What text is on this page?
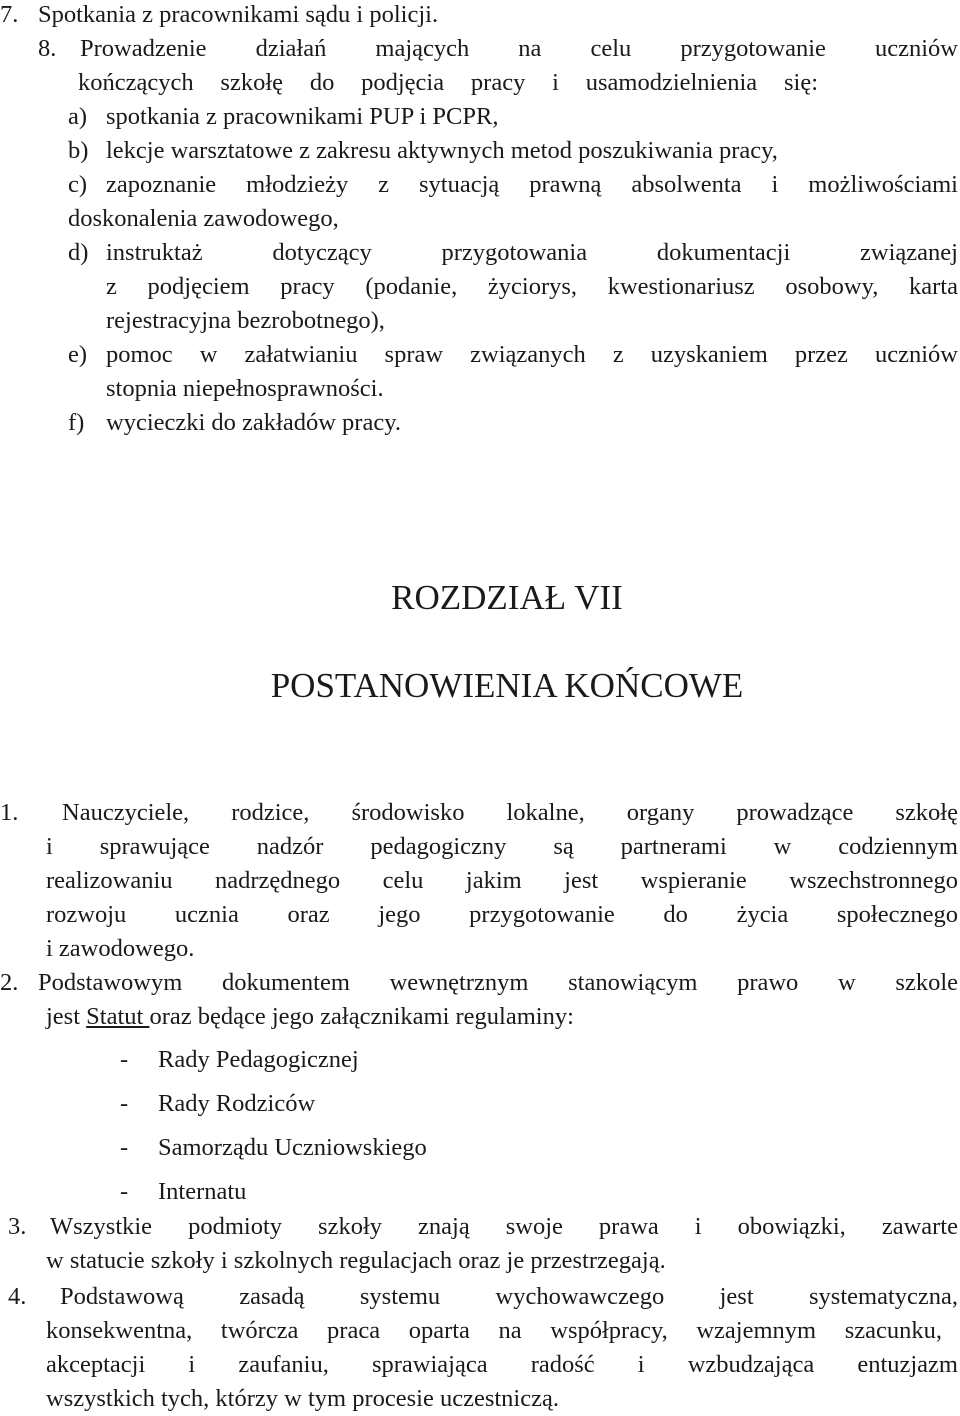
7. Spotkania z pracownikami sądu i policji.
8. Prowadzenie działań mających na celu przygotowanie uczniów
kończących szkołę do podjęcia pracy i usamodzielnienia się:
a) spotkania z pracownikami PUP i PCPR,
b) lekcje warsztatowe z zakresu aktywnych metod poszukiwania pracy,
c) zapoznanie młodzieży z sytuacją prawną absolwenta i możliwościami
doskonalenia zawodowego,
d) instruktaż dotyczący przygotowania dokumentacji związanej
z podjęciem pracy (podanie, życiorys, kwestionariusz osobowy, karta
rejestracyjna bezrobotnego),
e) pomoc w załatwianiu spraw związanych z uzyskaniem przez uczniów
stopnia niepełnosprawności.
f) wycieczki do zakładów pracy.
ROZDZIAŁ VII
POSTANOWIENIA KOŃCOWE
1. Nauczyciele, rodzice, środowisko lokalne, organy prowadzące szkołę
i sprawujące nadzór pedagogiczny są partnerami w codziennym
realizowaniu nadrzędnego celu jakim jest wspieranie wszechstronnego
rozwoju ucznia oraz jego przygotowanie do życia społecznego
i zawodowego.
2. Podstawowym dokumentem wewnętrznym stanowiącym prawo w szkole
jest Statut oraz będące jego załącznikami regulaminy:
- Rady Pedagogicznej
- Rady Rodziców
- Samorządu Uczniowskiego
- Internatu
3. Wszystkie podmioty szkoły znają swoje prawa i obowiązki, zawarte
w statucie szkoły i szkolnych regulacjach oraz je przestrzegają.
4. Podstawową zasadą systemu wychowawczego jest systematyczna,
konsekwentna, twórcza praca oparta na współpracy, wzajemnym szacunku,
akceptacji i zaufaniu, sprawiająca radość i wzbudzająca entuzjazm
wszystkich tych, którzy w tym procesie uczestniczą.
